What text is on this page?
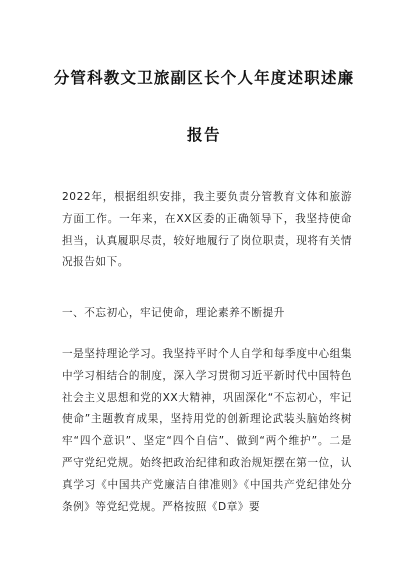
分管科教文卫旅副区长个人年度述职述廉
报告
2022年，根据组织安排，我主要负责分管教育文体和旅游方面工作。一年来，在XX区委的正确领导下，我坚持使命担当，认真履职尽责，较好地履行了岗位职责，现将有关情况报告如下。
一、不忘初心，牢记使命，理论素养不断提升
一是坚持理论学习。我坚持平时个人自学和每季度中心组集中学习相结合的制度，深入学习贯彻习近平新时代中国特色社会主义思想和党的XX大精神，巩固深化“不忘初心，牢记使命”主题教育成果，坚持用党的创新理论武装头脑始终树牢“四个意识”、坚定“四个自信”、做到“两个维护”。二是严守党纪党规。始终把政治纪律和政治规矩摆在第一位，认真学习《中国共产党廉洁自律准则》《中国共产党纪律处分条例》等党纪党规。严格按照《D章》要
